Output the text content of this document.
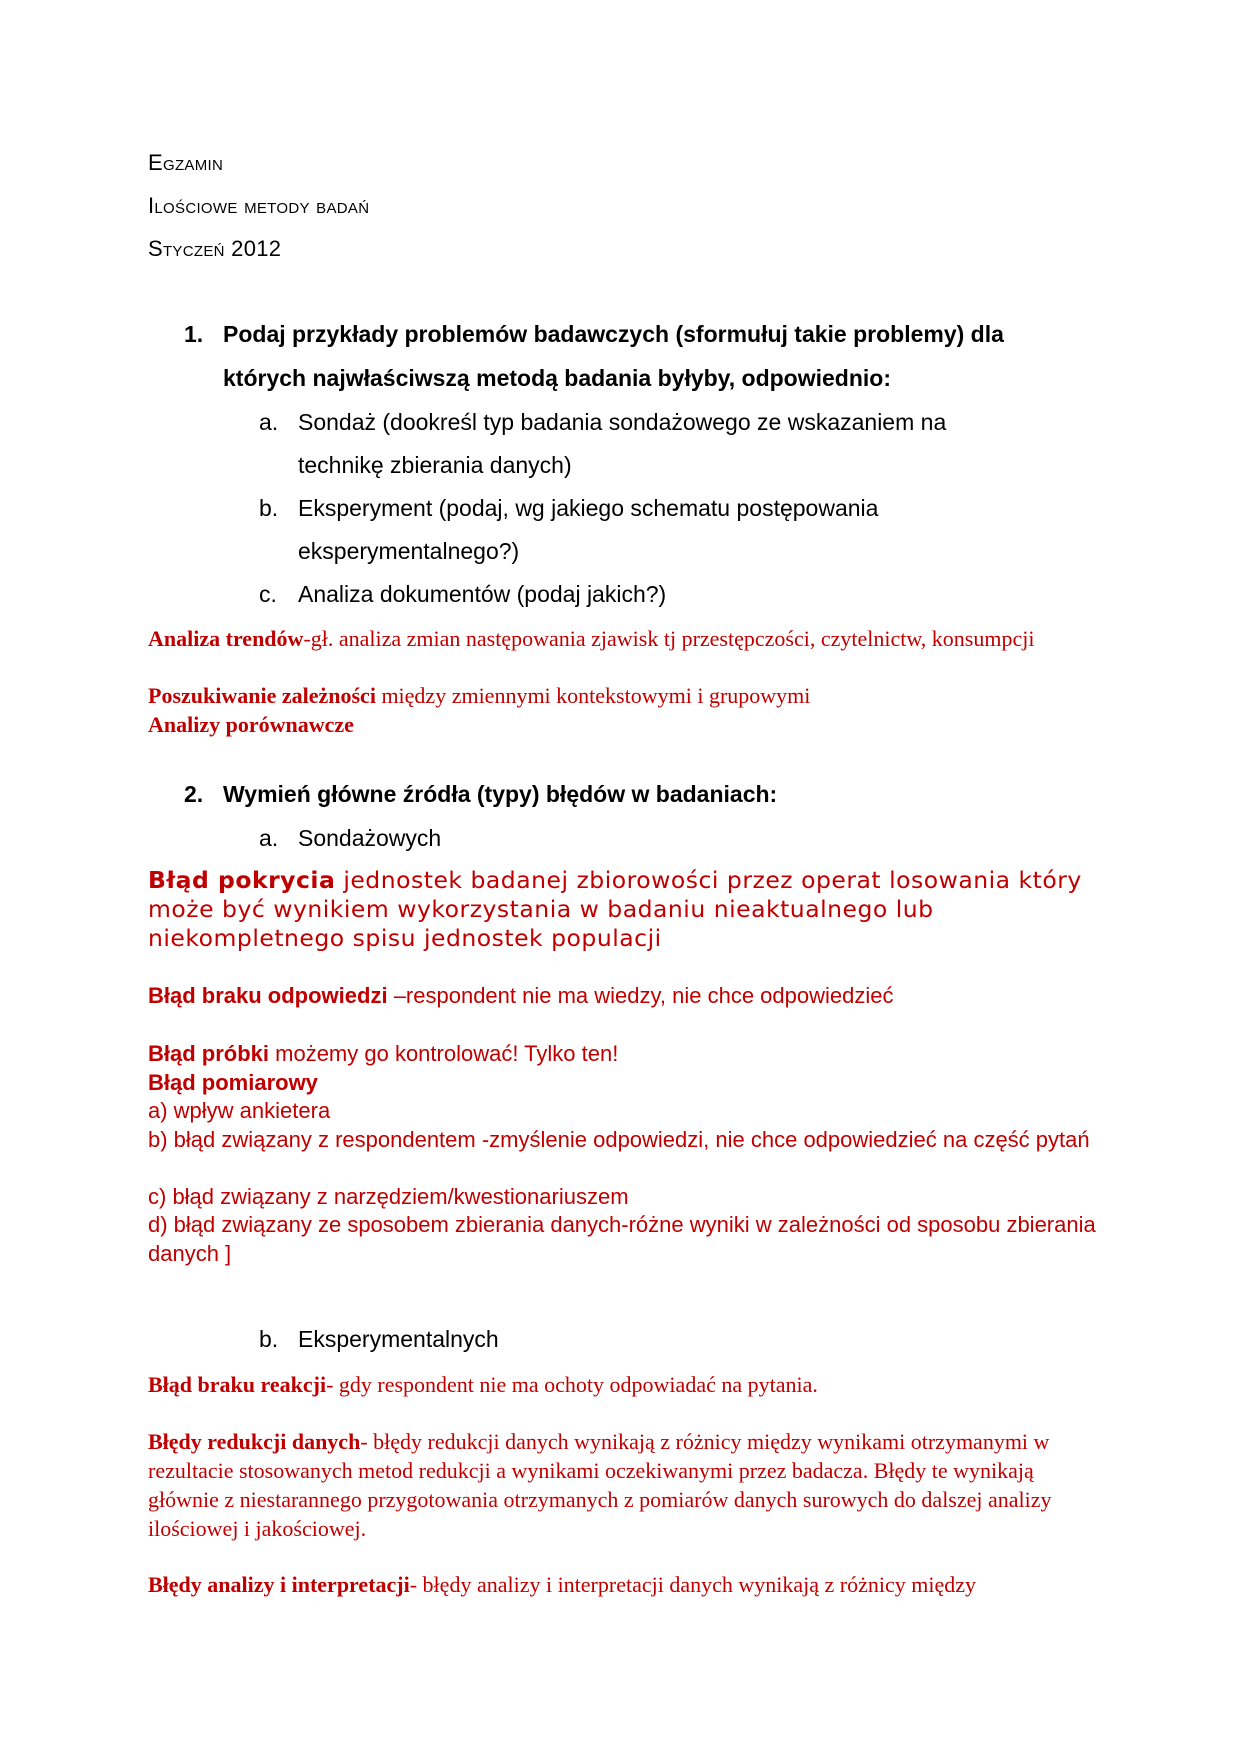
Egzamin
Ilościowe metody badań
Styczeń 2012
1. Podaj przykłady problemów badawczych (sformułuj takie problemy) dla
których najwłaściwszą metodą badania byłyby, odpowiednio:
a. Sondaż (dookreśl typ badania sondażowego ze wskazaniem na
technikę zbierania danych)
b. Eksperyment (podaj, wg jakiego schematu postępowania
eksperymentalnego?)
c. Analiza dokumentów (podaj jakich?)

Analiza trendów-gł. analiza zmian następowania zjawisk tj przestępczości, czytelnictw, konsumpcji

Poszukiwanie zależności między zmiennymi kontekstowymi i grupowymi

Analizy porównawcze

2. Wymień główne źródła (typy) błędów w badaniach:
a. Sondażowych

Błąd pokrycia jednostek badanej zbiorowości przez operat losowania który może być wynikiem wykorzystania w badaniu nieaktualnego lub niekompletnego spisu jednostek populacji

Błąd braku odpowiedzi –respondent nie ma wiedzy, nie chce odpowiedzieć

Błąd próbki możemy go kontrolować! Tylko ten!

Błąd pomiarowy

a) wpływ ankietera

b) błąd związany z respondentem -zmyślenie odpowiedzi, nie chce odpowiedzieć na część pytań

c) błąd związany z narzędziem/kwestionariuszem

d) błąd związany ze sposobem zbierania danych-różne wyniki w zależności od sposobu zbierania danych ]

b. Eksperymentalnych

Błąd braku reakcji- gdy respondent nie ma ochoty odpowiadać na pytania.

Błędy redukcji danych- błędy redukcji danych wynikają z różnicy między wynikami otrzymanymi w rezultacie stosowanych metod redukcji a wynikami oczekiwanymi przez badacza. Błędy te wynikają głównie z niestarannego przygotowania otrzymanych z pomiarów danych surowych do dalszej analizy ilościowej i jakościowej.

Błędy analizy i interpretacji- błędy analizy i interpretacji danych wynikają z różnicy między
